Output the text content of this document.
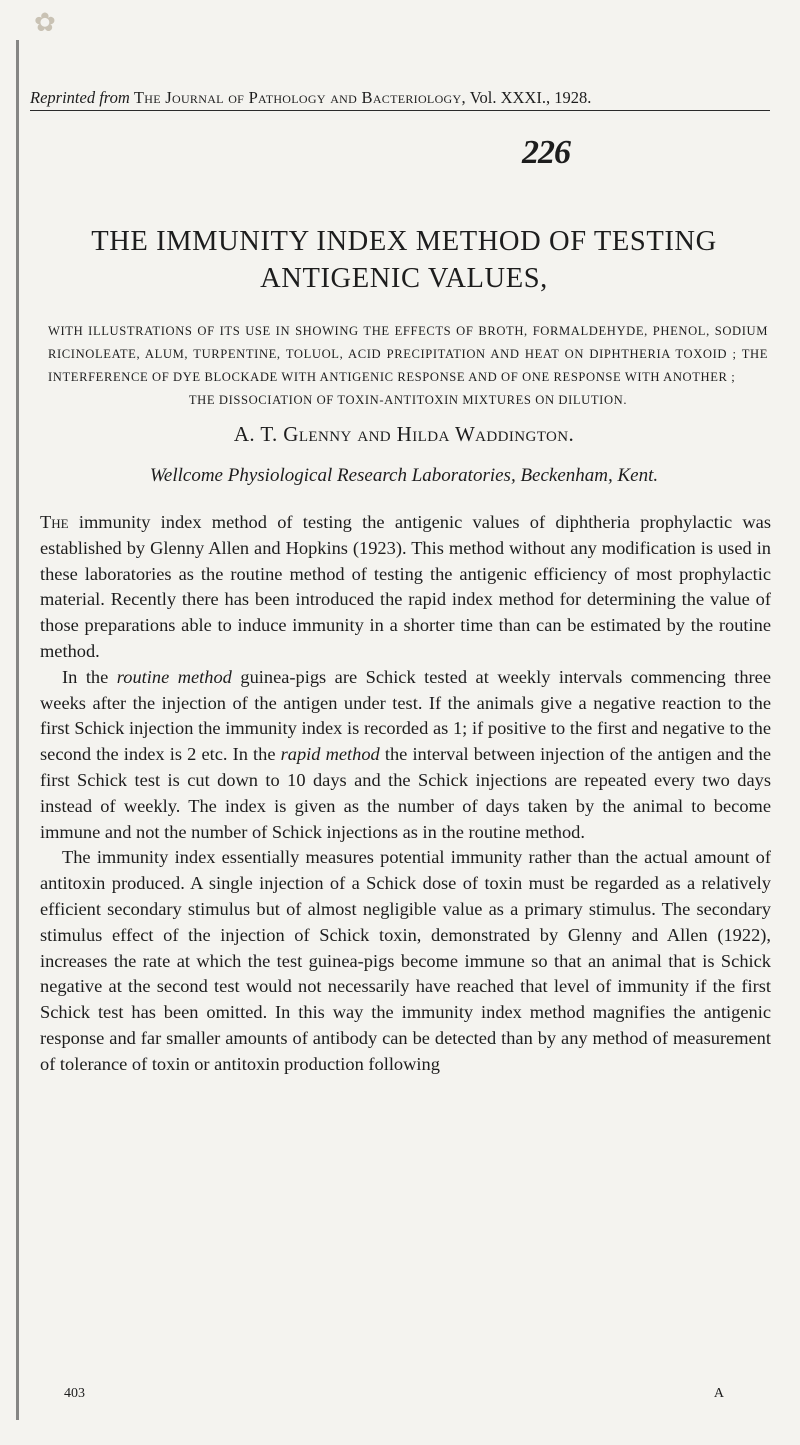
✿
Reprinted from The Journal of Pathology and Bacteriology, Vol. XXXI., 1928.
226
THE IMMUNITY INDEX METHOD OF TESTING
ANTIGENIC VALUES,
WITH ILLUSTRATIONS OF ITS USE IN SHOWING THE EFFECTS OF BROTH, FORMALDEHYDE, PHENOL, SODIUM RICINOLEATE, ALUM, TURPENTINE, TOLUOL, ACID PRECIPITATION AND HEAT ON DIPHTHERIA TOXOID ; THE INTERFERENCE OF DYE BLOCKADE WITH ANTIGENIC RESPONSE AND OF ONE RESPONSE WITH ANOTHER ;
THE DISSOCIATION OF TOXIN-ANTITOXIN MIXTURES ON DILUTION.
A. T. Glenny and Hilda Waddington.
Wellcome Physiological Research Laboratories, Beckenham, Kent.

The immunity index method of testing the antigenic values of diphtheria prophylactic was established by Glenny Allen and Hopkins (1923). This method without any modification is used in these laboratories as the routine method of testing the antigenic efficiency of most prophylactic material. Recently there has been introduced the rapid index method for determining the value of those preparations able to induce immunity in a shorter time than can be estimated by the routine method.

In the routine method guinea-pigs are Schick tested at weekly intervals commencing three weeks after the injection of the antigen under test. If the animals give a negative reaction to the first Schick injection the immunity index is recorded as 1; if positive to the first and negative to the second the index is 2 etc. In the rapid method the interval between injection of the antigen and the first Schick test is cut down to 10 days and the Schick injections are repeated every two days instead of weekly. The index is given as the number of days taken by the animal to become immune and not the number of Schick injections as in the routine method.

The immunity index essentially measures potential immunity rather than the actual amount of antitoxin produced. A single injection of a Schick dose of toxin must be regarded as a relatively efficient secondary stimulus but of almost negligible value as a primary stimulus. The secondary stimulus effect of the injection of Schick toxin, demonstrated by Glenny and Allen (1922), increases the rate at which the test guinea-pigs become immune so that an animal that is Schick negative at the second test would not necessarily have reached that level of immunity if the first Schick test has been omitted. In this way the immunity index method magnifies the antigenic response and far smaller amounts of antibody can be detected than by any method of measurement of tolerance of toxin or antitoxin production following

403	A
